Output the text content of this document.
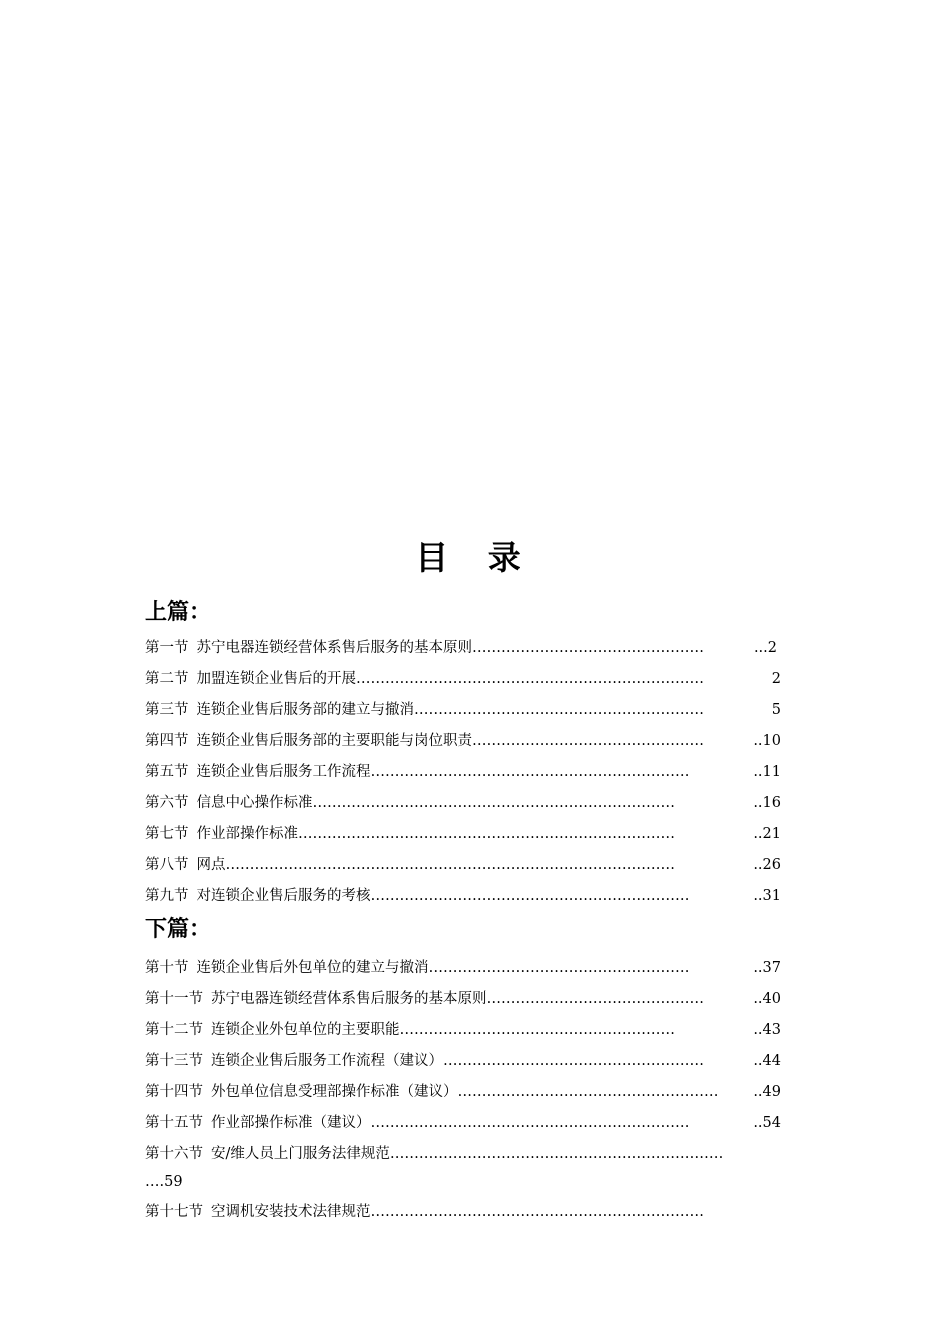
目 录
上篇：
第一节 苏宁电器连锁经营体系售后服务的基本原则 …………………………………………	...2
第二节 加盟连锁企业售后的开展 ………………………………………………………………	2
第三节 连锁企业售后服务部的建立与撤消 ……………………………………………………	5
第四节 连锁企业售后服务部的主要职能与岗位职责 …………………………………………	..10
第五节 连锁企业售后服务工作流程 …………………………………………………………	..11
第六节 信息中心操作标准 …………………………………………………………………	..16
第七节 作业部操作标准 ……………………………………………………………………	..21
第八节 网点 …………………………………………………………………………………	..26
第九节 对连锁企业售后服务的考核 …………………………………………………………	..31
下篇：
第十节 连锁企业售后外包单位的建立与撤消 ………………………………………………	..37
第十一节 苏宁电器连锁经营体系售后服务的基本原则 ………………………………………	..40
第十二节 连锁企业外包单位的主要职能 …………………………………………………	..43
第十三节 连锁企业售后服务工作流程（建议） ………………………………………………	..44
第十四节 外包单位信息受理部操作标准（建议） ………………………………………………	..49
第十五节 作业部操作标准（建议） …………………………………………………………	..54
第十六节 安/维人员上门服务法律规范 ……………………………………………………………
….59
第十七节 空调机安装技术法律规范 ……………………………………………………………
